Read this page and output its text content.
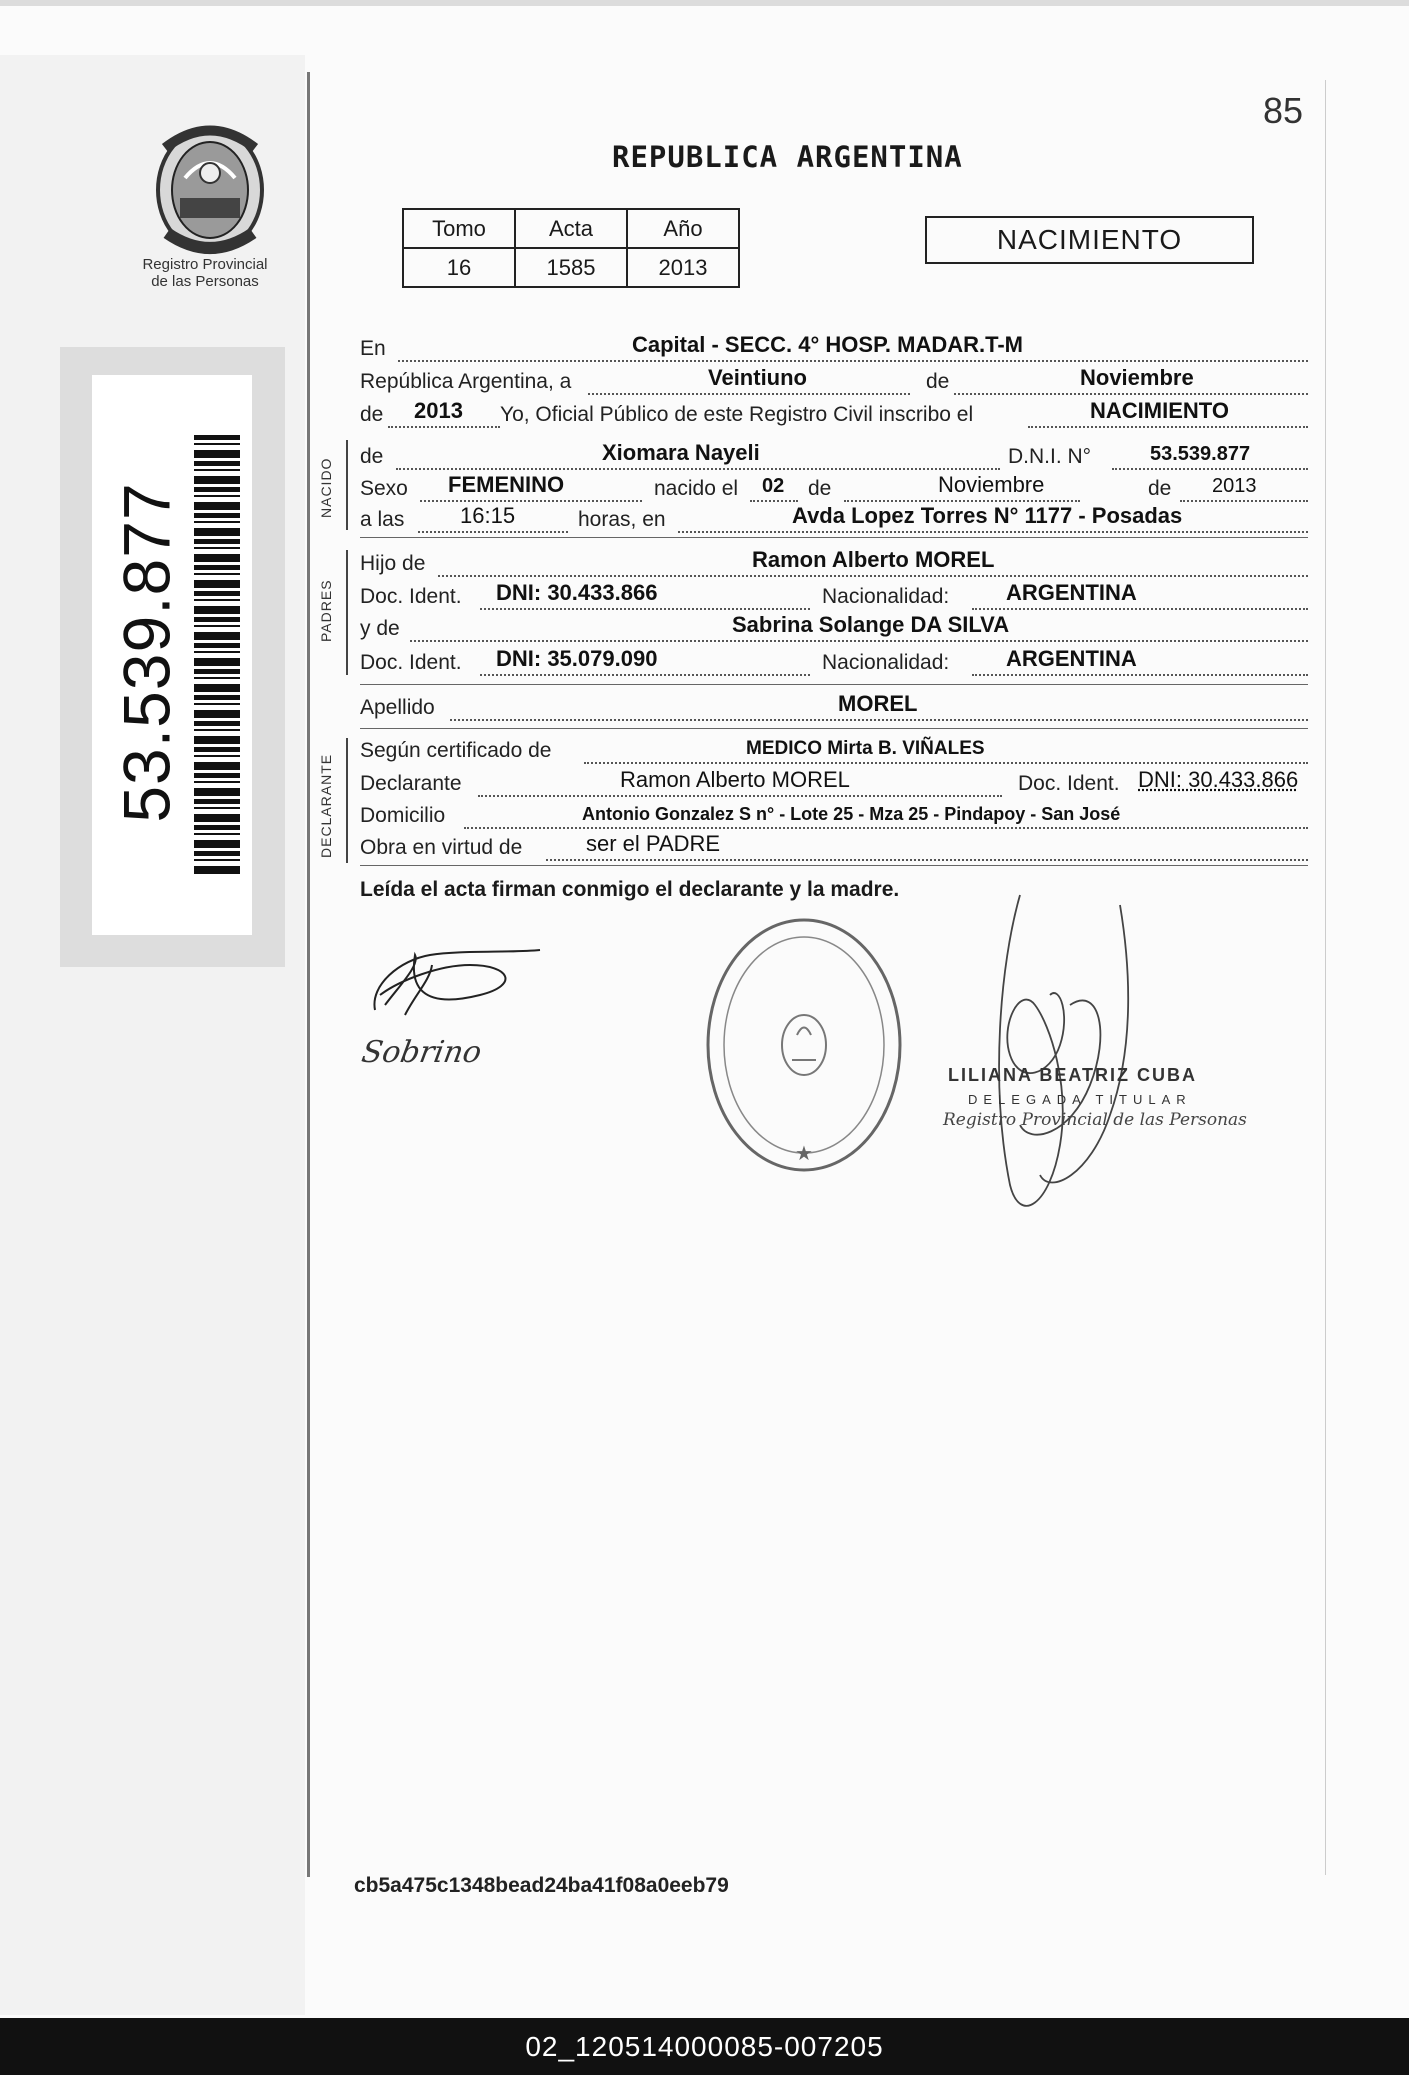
85
REPUBLICA ARGENTINA
Tomo	Acta	Año
16	1585	2013
NACIMIENTO
Registro Provincial
de las Personas
53.539.877	NACIDO
PADRES
DECLARANTE
En	Capital - SECC. 4° HOSP. MADAR.T-M
República Argentina, a	Veintiuno	de	Noviembre
de 2013 Yo, Oficial Público de este Registro Civil inscribo el	NACIMIENTO
de	Xiomara Nayeli	D.N.I. N°	53.539.877
Sexo FEMENINO	nacido el 02 de	Noviembre	de 2013
a las	16:15	horas, en	Avda Lopez Torres N° 1177 - Posadas
Hijo de	Ramon Alberto MOREL
Doc. Ident. DNI: 30.433.866	Nacionalidad:	ARGENTINA
y de	Sabrina Solange DA SILVA
Doc. Ident. DNI: 35.079.090	Nacionalidad:	ARGENTINA
Apellido	MOREL
Según certificado de	MEDICO Mirta B. VIÑALES
Declarante	Ramon Alberto MOREL	Doc. Ident. DNI: 30.433.866
Domicilio	Antonio Gonzalez S n° - Lote 25 - Mza 25 - Pindapoy - San José
Obra en virtud de	ser el PADRE
Leída el acta firman conmigo el declarante y la madre.
Sobrino
★
LILIANA BEATRIZ CUBA
DELEGADA TITULAR
Registro Provincial de las Personas
cb5a475c1348bead24ba41f08a0eeb79
02_120514000085-007205
